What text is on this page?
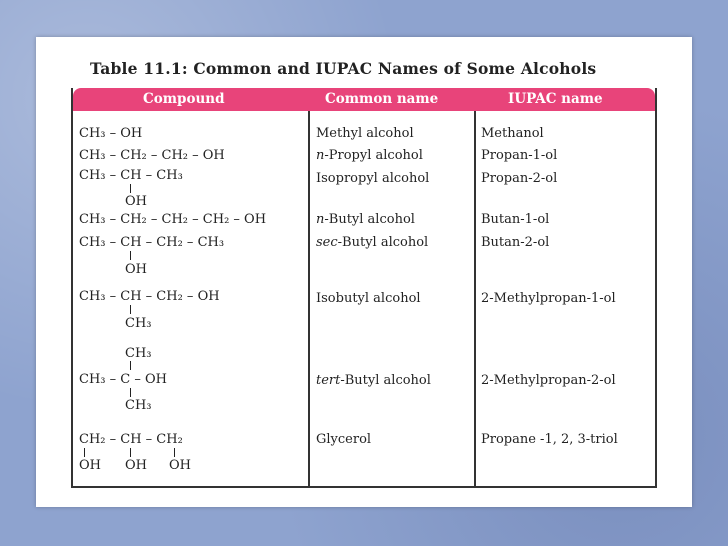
Table 11.1: Common and IUPAC Names of Some Alcohols
Compound	Common name	IUPAC name
CH₃ – OH	Methyl alcohol	Methanol
CH₃ – CH₂ – CH₂ – OH	n-Propyl alcohol	Propan-1-ol
CH₃ – CH – CH₃
OH
Isopropyl alcohol	Propan-2-ol
CH₃ – CH₂ – CH₂ – CH₂ – OH	n-Butyl alcohol	Butan-1-ol
CH₃ – CH – CH₂ – CH₃
OH
sec-Butyl alcohol	Butan-2-ol
CH₃ – CH – CH₂ – OH
CH₃
Isobutyl alcohol	2-Methylpropan-1-ol
CH₃
CH₃ – C – OH
CH₃
tert-Butyl alcohol	2-Methylpropan-2-ol
CH₂ – CH – CH₂
OH OH OH
Glycerol	Propane -1, 2, 3-triol
